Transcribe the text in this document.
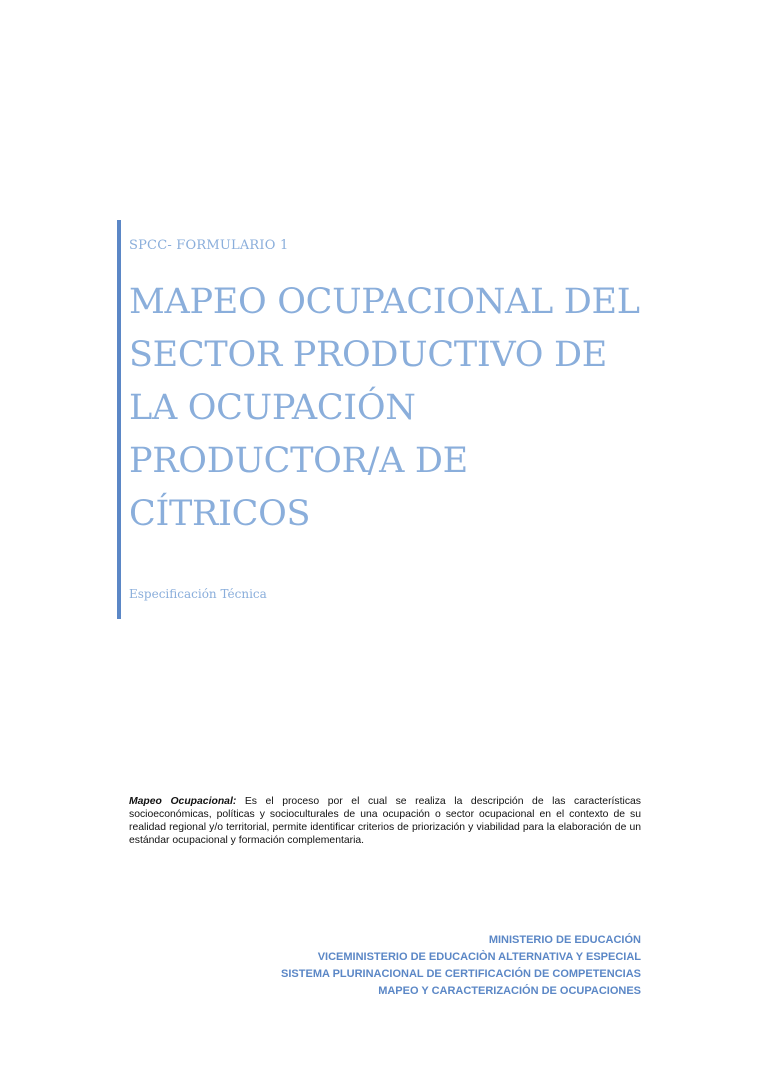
SPCC- FORMULARIO 1
MAPEO OCUPACIONAL DEL
SECTOR PRODUCTIVO DE
LA OCUPACIÓN
PRODUCTOR/A DE
CÍTRICOS
Especificación Técnica

Mapeo Ocupacional: Es el proceso por el cual se realiza la descripción de las características socioeconómicas, políticas y socioculturales de una ocupación o sector ocupacional en el contexto de su realidad regional y/o territorial, permite identificar criterios de priorización y viabilidad para la elaboración de un estándar ocupacional y formación complementaria.

MINISTERIO DE EDUCACIÓN
VICEMINISTERIO DE EDUCACIÒN ALTERNATIVA Y ESPECIAL
SISTEMA PLURINACIONAL DE CERTIFICACIÓN DE COMPETENCIAS
MAPEO Y CARACTERIZACIÓN DE OCUPACIONES
